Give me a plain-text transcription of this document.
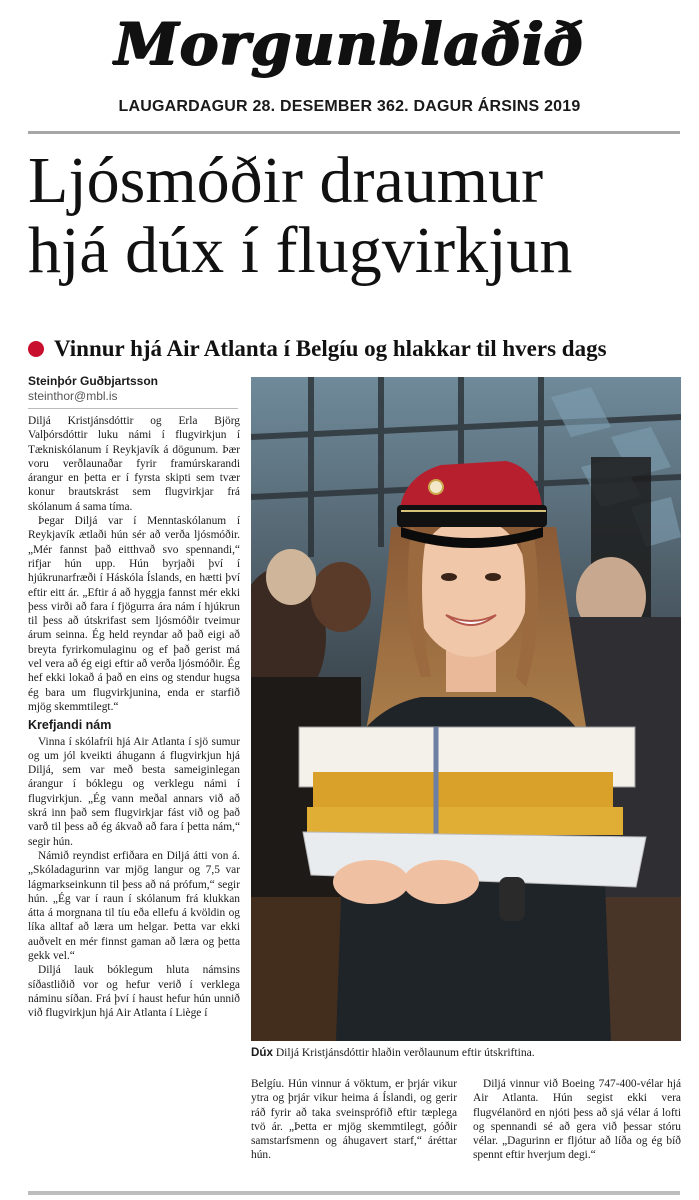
Morgunblaðið
LAUGARDAGUR 28. DESEMBER 362. DAGUR ÁRSINS 2019
Ljósmóðir draumur
hjá dúx í flugvirkjun
Vinnur hjá Air Atlanta í Belgíu og hlakkar til hvers dags
Steinþór Guðbjartsson
steinthor@mbl.is

Diljá Kristjánsdóttir og Erla Björg Valþórsdóttir luku námi í flugvirkjun í Tækniskólanum í Reykjavík á dögunum. Þær voru verðlaunaðar fyrir framúrskarandi árangur en þetta er í fyrsta skipti sem tvær konur brautskrást sem flugvirkjar frá skólanum á sama tíma.

Þegar Diljá var í Menntaskólanum í Reykjavík ætlaði hún sér að verða ljósmóðir. „Mér fannst það eitthvað svo spennandi,“ rifjar hún upp. Hún byrjaði því í hjúkrunarfræði í Háskóla Íslands, en hætti því eftir eitt ár. „Eftir á að hyggja fannst mér ekki þess virði að fara í fjögurra ára nám í hjúkrun til þess að útskrifast sem ljósmóðir tveimur árum seinna. Ég held reyndar að það eigi að breyta fyrirkomulaginu og ef það gerist má vel vera að ég eigi eftir að verða ljósmóðir. Ég hef ekki lokað á það en eins og stendur hugsa ég bara um flugvirkjunina, enda er starfið mjög skemmtilegt.“

Krefjandi nám

Vinna í skólafríi hjá Air Atlanta í sjö sumur og um jól kveikti áhugann á flugvirkjun hjá Diljá, sem var með besta sameiginlegan árangur í bóklegu og verklegu námi í flugvirkjun. „Ég vann meðal annars við að skrá inn það sem flugvirkjar fást við og það varð til þess að ég ákvað að fara í þetta nám,“ segir hún.

Námið reyndist erfiðara en Diljá átti von á. „Skóladagurinn var mjög langur og 7,5 var lágmarkseinkunn til þess að ná prófum,“ segir hún. „Ég var í raun í skólanum frá klukkan átta á morgnana til tíu eða ellefu á kvöldin og líka alltaf að læra um helgar. Þetta var ekki auðvelt en mér finnst gaman að læra og þetta gekk vel.“

Diljá lauk bóklegum hluta námsins síðastliðið vor og hefur verið í verklega náminu síðan. Frá því í haust hefur hún unnið við flugvirkjun hjá Air Atlanta í Liège í

Dúx Diljá Kristjánsdóttir hlaðin verðlaunum eftir útskriftina.

Belgíu. Hún vinnur á vöktum, er þrjár vikur ytra og þrjár vikur heima á Íslandi, og gerir ráð fyrir að taka sveinsprófið eftir tæplega tvö ár. „Þetta er mjög skemmtilegt, góðir samstarfsmenn og áhugavert starf,“ áréttar hún.

Diljá vinnur við Boeing 747-400-vélar hjá Air Atlanta. Hún segist ekki vera flugvélanörd en njóti þess að sjá vélar á lofti og spennandi sé að gera við þessar stóru vélar. „Dagurinn er fljótur að líða og ég bíð spennt eftir hverjum degi.“
